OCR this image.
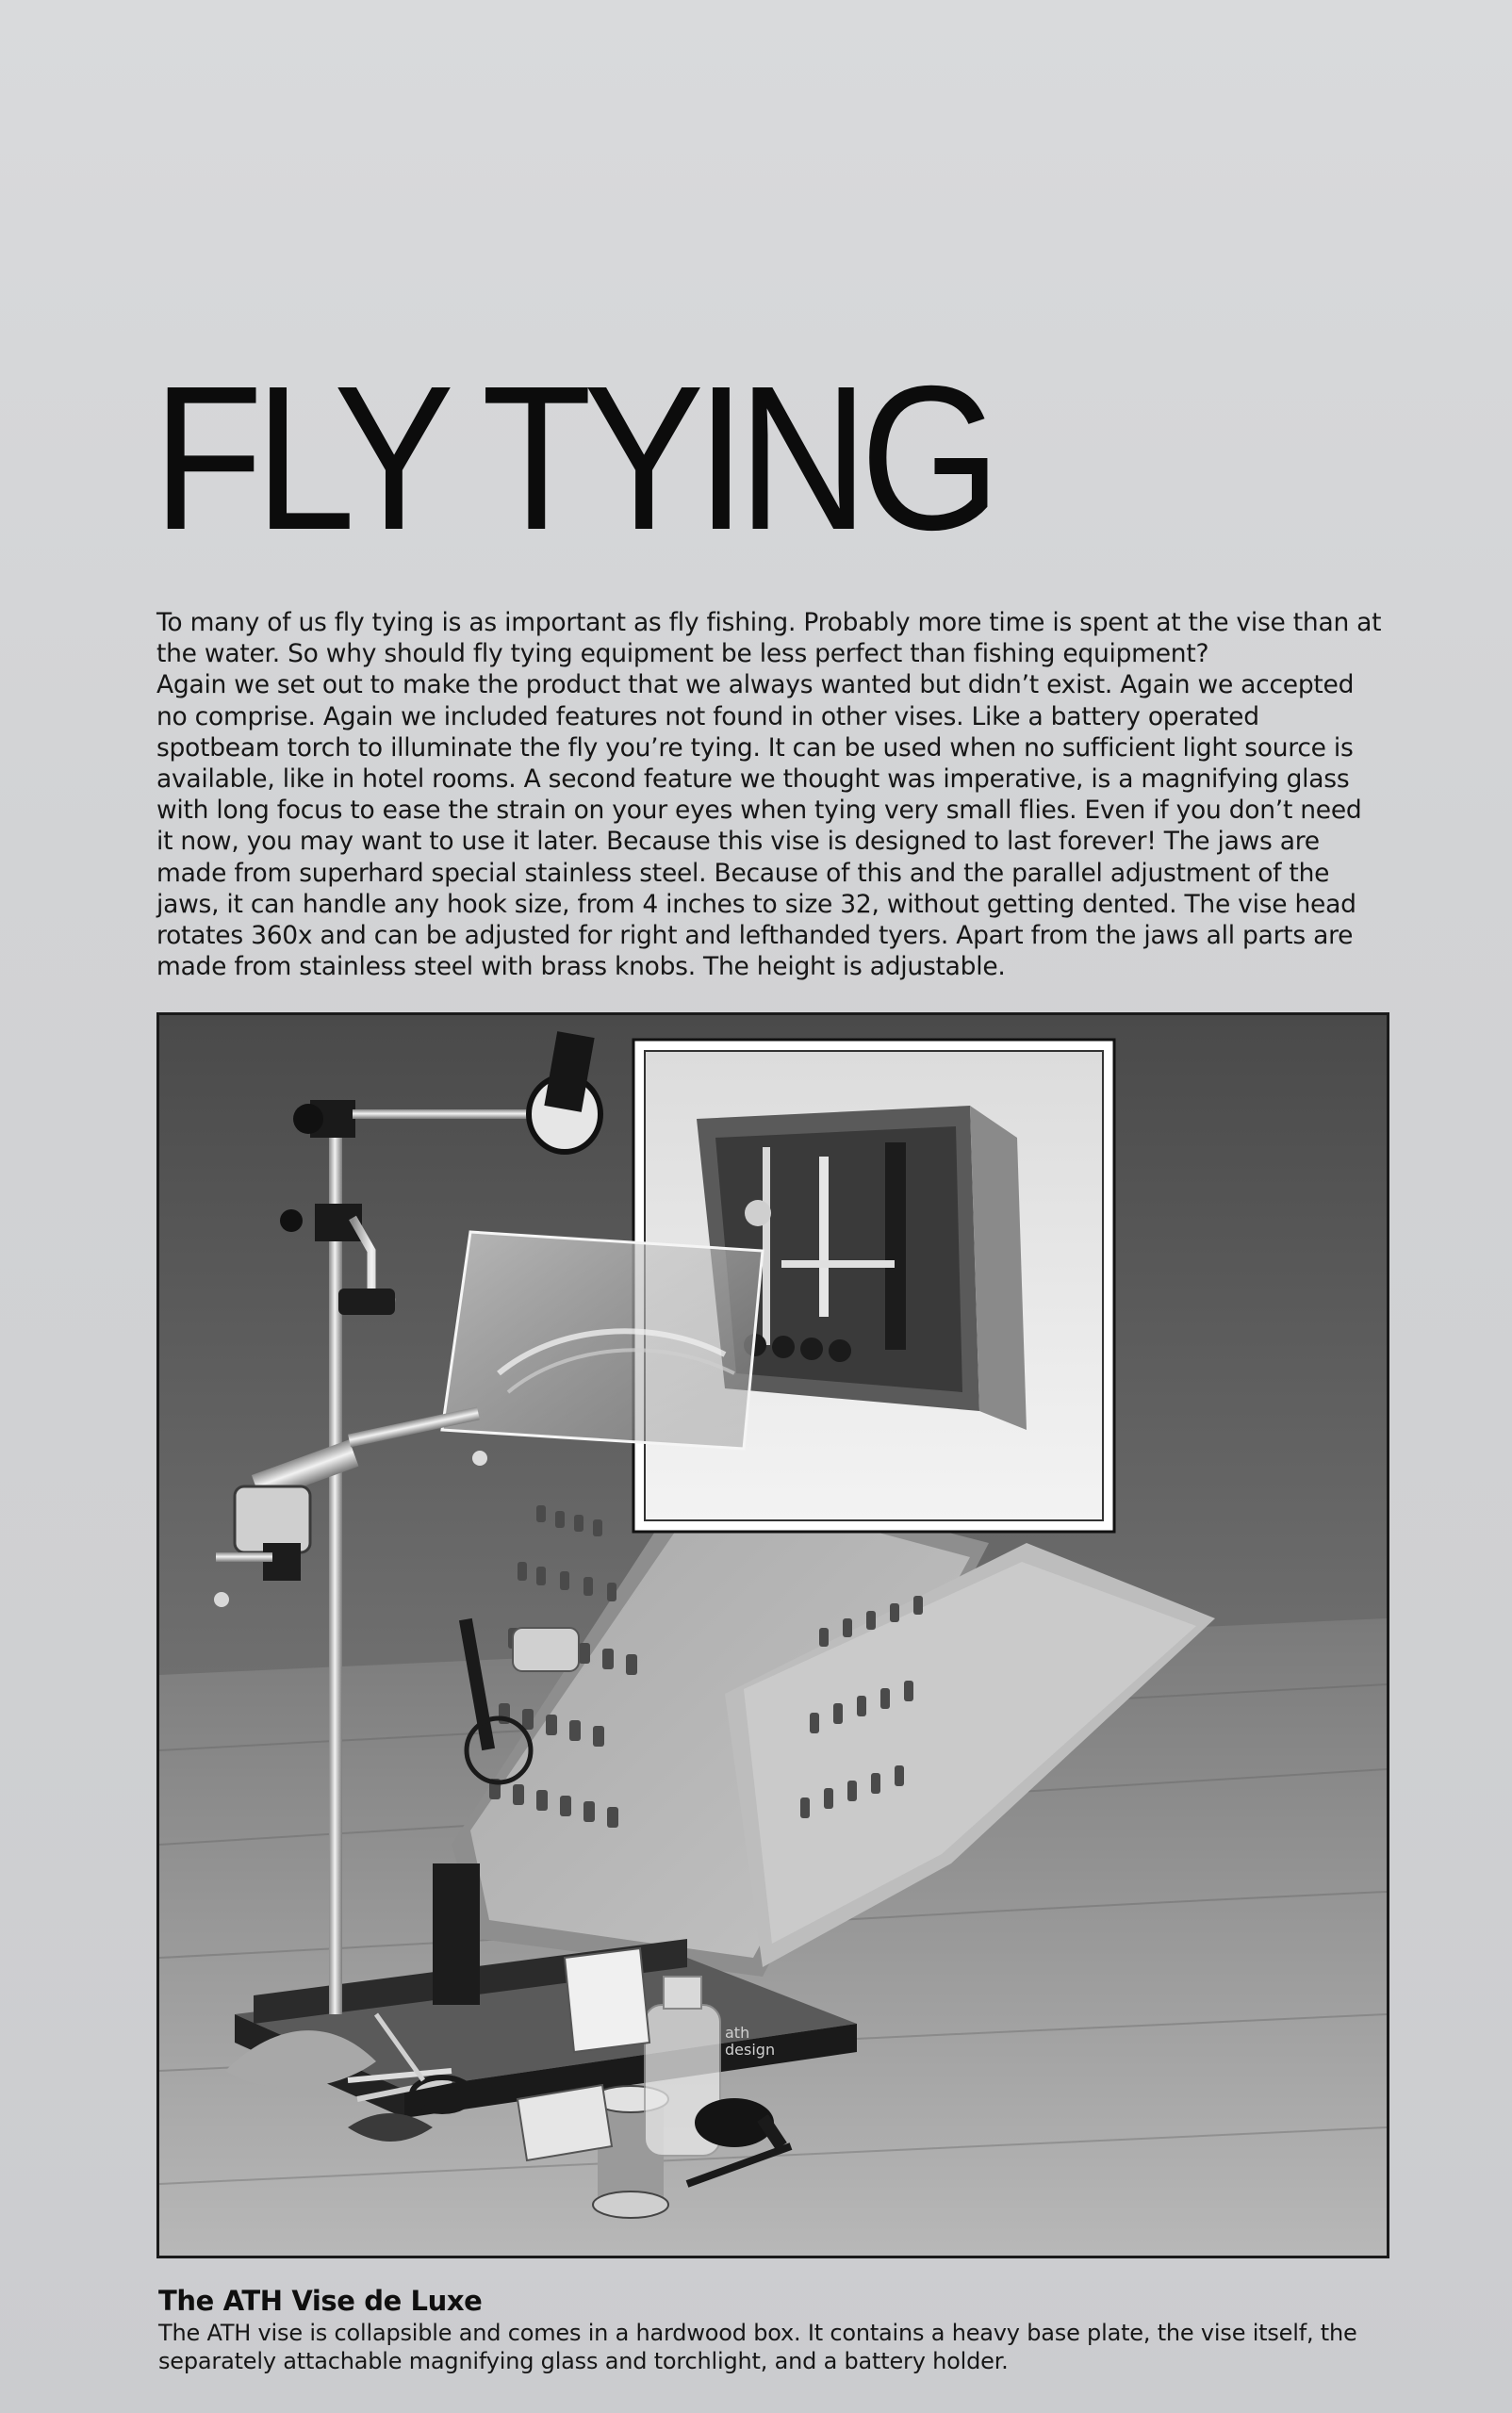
FLY TYING

To many of us fly tying is as important as fly fishing. Probably more time is spent at the vise than at the water. So why should fly tying equipment be less perfect than fishing equipment?

Again we set out to make the product that we always wanted but didn’t exist. Again we accepted no comprise. Again we included features not found in other vises. Like a battery operated spotbeam torch to illuminate the fly you’re tying. It can be used when no sufficient light source is available, like in hotel rooms. A second feature we thought was imperative, is a magnifying glass with long focus to ease the strain on your eyes when tying very small flies. Even if you don’t need it now, you may want to use it later. Because this vise is designed to last forever! The jaws are made from superhard special stainless steel. Because of this and the parallel adjustment of the jaws, it can handle any hook size, from 4 inches to size 32, without getting dented. The vise head rotates 360x and can be adjusted for right and lefthanded tyers. Apart from the jaws all parts are made from stainless steel with brass knobs. The height is adjustable.

ath design
The ATH Vise de Luxe

The ATH vise is collapsible and comes in a hardwood box. It contains a heavy base plate, the vise itself, the separately attachable magnifying glass and torchlight, and a battery holder.
